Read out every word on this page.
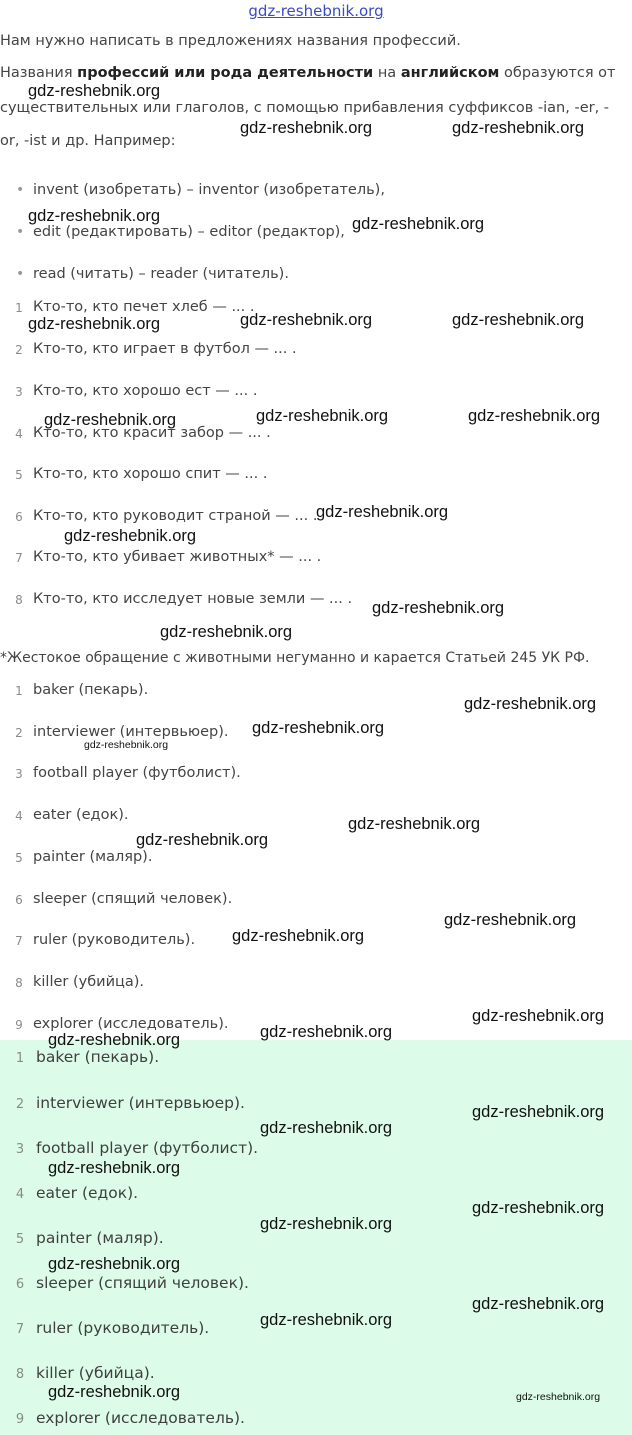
gdz-reshebnik.org
Нам нужно написать в предложениях названия профессий.
Названия профессий или рода деятельности на английском образуются от
существительных или глаголов, с помощью прибавления суффиксов -ian, -er, -
or, -ist и др. Например:
• invent (изобретать) – inventor (изобретатель),
• edit (редактировать) – editor (редактор),
• read (читать) – reader (читатель).
1 Кто-то, кто печет хлеб — ... .
2 Кто-то, кто играет в футбол — ... .
3 Кто-то, кто хорошо ест — ... .
4 Кто-то, кто красит забор — ... .
5 Кто-то, кто хорошо спит — ... .
6 Кто-то, кто руководит страной — ... .
7 Кто-то, кто убивает животных* — ... .
8 Кто-то, кто исследует новые земли — ... .
*Жестокое обращение с животными негуманно и карается Статьей 245 УК РФ.
1 baker (пекарь).
2 interviewer (интервьюер).
3 football player (футболист).
4 eater (едок).
5 painter (маляр).
6 sleeper (спящий человек).
7 ruler (руководитель).
8 killer (убийца).
9 explorer (исследователь).
1 baker (пекарь).
2 interviewer (интервьюер).
3 football player (футболист).
4 eater (едок).
5 painter (маляр).
6 sleeper (спящий человек).
7 ruler (руководитель).
8 killer (убийца).
9 explorer (исследователь).
gdz-reshebnik.org
gdz-reshebnik.org	gdz-reshebnik.org
gdz-reshebnik.org	gdz-reshebnik.org
gdz-reshebnik.org	gdz-reshebnik.org	gdz-reshebnik.org
gdz-reshebnik.org	gdz-reshebnik.org	gdz-reshebnik.org
gdz-reshebnik.org
gdz-reshebnik.org
gdz-reshebnik.org
gdz-reshebnik.org
gdz-reshebnik.org
gdz-reshebnik.org
gdz-reshebnik.org
gdz-reshebnik.org
gdz-reshebnik.org
gdz-reshebnik.org
gdz-reshebnik.org
gdz-reshebnik.org
gdz-reshebnik.org
gdz-reshebnik.org
gdz-reshebnik.org
gdz-reshebnik.org
gdz-reshebnik.org
gdz-reshebnik.org
gdz-reshebnik.org
gdz-reshebnik.org
gdz-reshebnik.org
gdz-reshebnik.org
gdz-reshebnik.org	gdz-reshebnik.org
